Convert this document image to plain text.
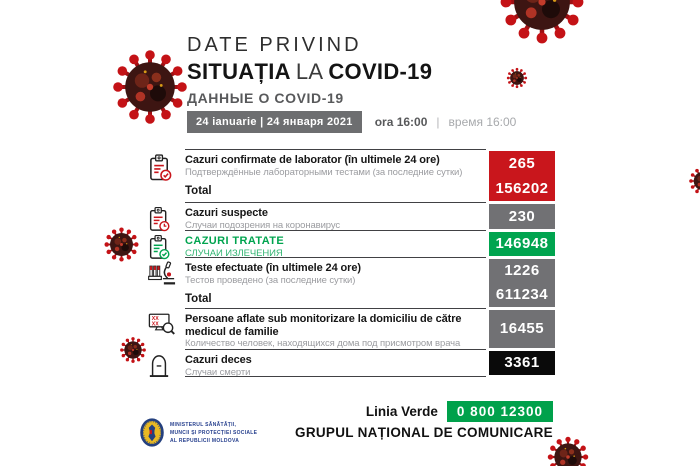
DATE PRIVIND
SITUAȚIA LA COVID-19
ДАННЫЕ О COVID-19
24 ianuarie | 24 января 2021	ora 16:00 | время 16:00
Cazuri confirmate de laborator (în ultimele 24 ore)
Подтверждённые лабораторными тестами (за последние сутки)
Total
265
156202
Cazuri suspecte
Случаи подозрения на коронавирус
230
CAZURI TRATATE
СЛУЧАИ ИЗЛЕЧЕНИЯ
146948
Teste efectuate (în ultimele 24 ore)
Тестов проведено (за последние сутки)
Total
1226
611234
XX
XX Persoane aflate sub monitorizare la domiciliu de către medicul de familie
Количество человек, находящихся дома под присмотром врача
16455
Cazuri deces
Случаи смерти
3361
Linia Verde	0 800 12300
GRUPUL NAȚIONAL DE COMUNICARE
MINISTERUL SĂNĂTĂȚII,
MUNCII ȘI PROTECȚIEI SOCIALE
AL REPUBLICII MOLDOVA
